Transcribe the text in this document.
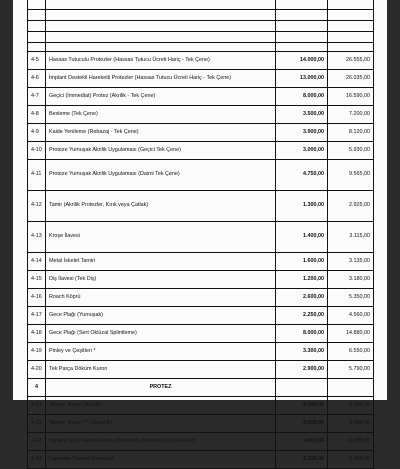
4-5	Hassas Tutuculu Protezler (Hassas Tutucu Ücreti Hariç - Tek Çene)	14.000,00	26.555,00
4-6	İmplant Destekli Hareketli Protezler (Hassas Tutucu Ücreti Hariç - Tek Çene)	13.000,00	26.035,00
4-7	Geçici (İmmediat) Protez (Akrilik - Tek Çene)	8.000,00	16.590,00
4-8	Besleme (Tek Çene)	3.500,00	7.200,00
4-9	Kaide Yenileme (Rebazaj - Tek Çene)	3.900,00	8.120,00
4-10	Proteze Yumuşak Akrilik Uygulaması (Geçici Tek Çene)	3.000,00	5.930,00
4-11	Proteze Yumuşak Akrilik Uygulaması (Daimi Tek Çene)	4.750,00	9.565,00
4-12	Tamir (Akrilik Protezler, Kırık veya Çatlak)	1.300,00	2.925,00
4-13	Kroşe İlavesi	1.400,00	3.115,00
4-14	Metal İskelet Tamiri	1.600,00	3.135,00
4-15	Diş İlavesi (Tek Diş)	1.200,00	3.180,00
4-16	Roach Köprü	2.600,00	5.350,00
4-17	Gece Plağı (Yumuşak)	2.250,00	4.560,00
4-18	Gece Plağı (Sert Oklüzal Splintleme)	8.000,00	14.880,00
4-19	Pinley ve Çeşitleri *	3.300,00	6.550,00
4-20	Tek Parça Döküm Kuron	2.900,00	5.790,00
4	PROTEZ		
4-21	Veneer Kuron (Akrilik)	4.000,00	8.690,00
4-22	Veneer Kuron ** (Seramik)	4.500,00	9.090,00
4-23	İmplant Üstü Veneer Kuron (Seramik) (Abutment Ücreti Hariç)	4900,00	10.090,00
4-24	Laminate Veneer Kompozit	3.200,00	6.550,00
